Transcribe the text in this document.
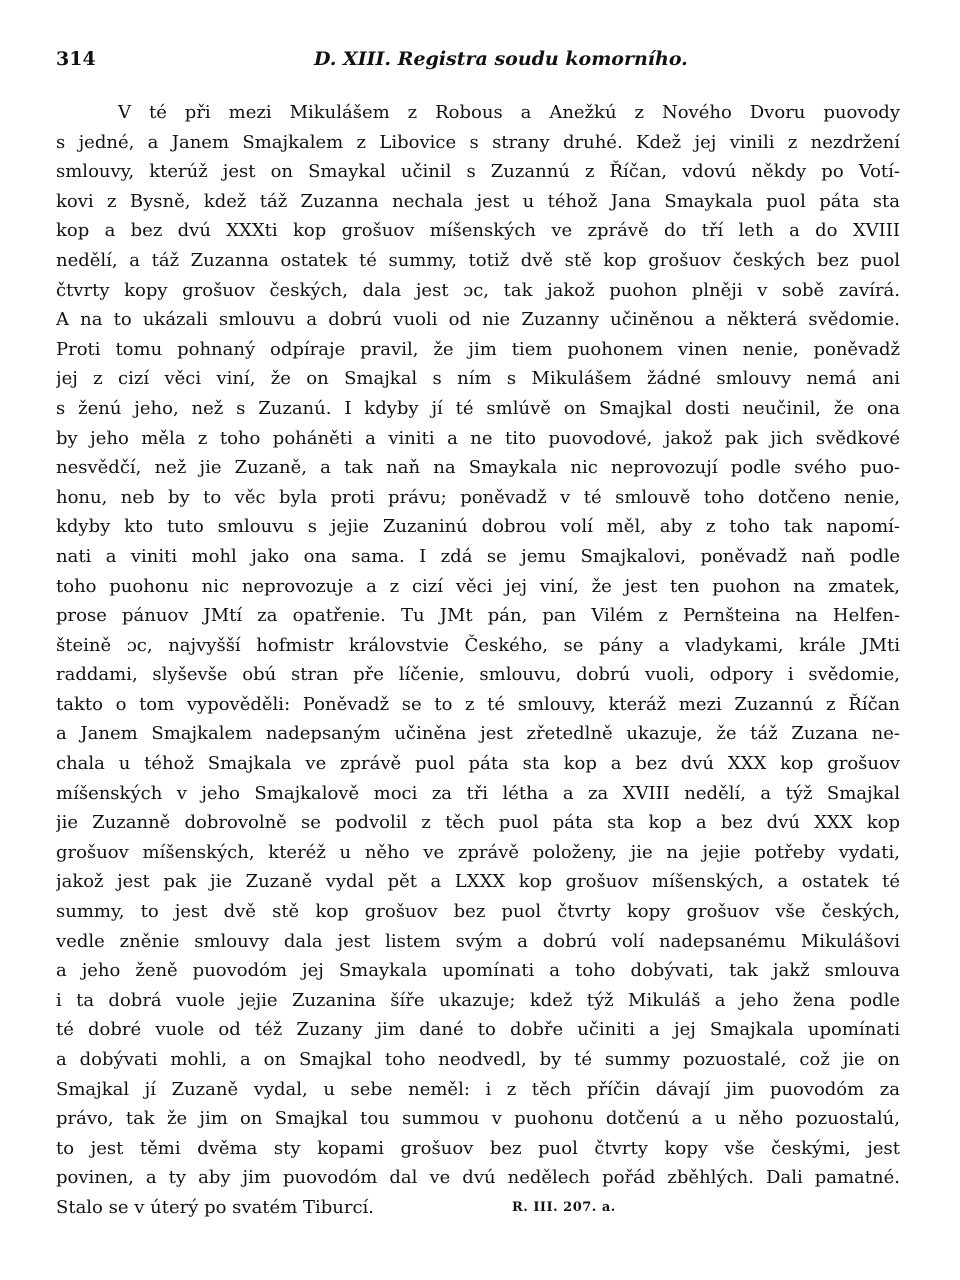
314	D. XIII. Registra soudu komorního.
V té při mezi Mikulášem z Robous a Anežkú z Nového Dvoru puovody
s jedné, a Janem Smajkalem z Libovice s strany druhé. Kdež jej vinili z nezdržení
smlouvy, kterúž jest on Smaykal učinil s Zuzannú z Říčan, vdovú někdy po Votí-
kovi z Bysně, kdež táž Zuzanna nechala jest u téhož Jana Smaykala puol páta sta
kop a bez dvú XXXti kop grošuov míšenských ve zprávě do tří leth a do XVIII
nedělí, a táž Zuzanna ostatek té summy, totiž dvě stě kop grošuov českých bez puol
čtvrty kopy grošuov českých, dala jest ɔc, tak jakož puohon plněji v sobě zavírá.
A na to ukázali smlouvu a dobrú vuoli od nie Zuzanny učiněnou a některá svědomie.
Proti tomu pohnaný odpíraje pravil, že jim tiem puohonem vinen nenie, poněvadž
jej z cizí věci viní, že on Smajkal s ním s Mikulášem žádné smlouvy nemá ani
s ženú jeho, než s Zuzanú. I kdyby jí té smlúvě on Smajkal dosti neučinil, že ona
by jeho měla z toho poháněti a viniti a ne tito puovodové, jakož pak jich svědkové
nesvědčí, než jie Zuzaně, a tak naň na Smaykala nic neprovozují podle svého puo-
honu, neb by to věc byla proti právu; poněvadž v té smlouvě toho dotčeno nenie,
kdyby kto tuto smlouvu s jejie Zuzaninú dobrou volí měl, aby z toho tak napomí-
nati a viniti mohl jako ona sama. I zdá se jemu Smajkalovi, poněvadž naň podle
toho puohonu nic neprovozuje a z cizí věci jej viní, že jest ten puohon na zmatek,
prose pánuov JMtí za opatřenie. Tu JMt pán, pan Vilém z Pernšteina na Helfen-
šteině ɔc, najvyšší hofmistr královstvie Českého, se pány a vladykami, krále JMti
raddami, slyševše obú stran pře líčenie, smlouvu, dobrú vuoli, odpory i svědomie,
takto o tom vypověděli: Poněvadž se to z té smlouvy, kteráž mezi Zuzannú z Říčan
a Janem Smajkalem nadepsaným učiněna jest zřetedlně ukazuje, že táž Zuzana ne-
chala u téhož Smajkala ve zprávě puol páta sta kop a bez dvú XXX kop grošuov
míšenských v jeho Smajkalově moci za tři létha a za XVIII nedělí, a týž Smajkal
jie Zuzanně dobrovolně se podvolil z těch puol páta sta kop a bez dvú XXX kop
grošuov míšenských, kteréž u něho ve zprávě položeny, jie na jejie potřeby vydati,
jakož jest pak jie Zuzaně vydal pět a LXXX kop grošuov míšenských, a ostatek té
summy, to jest dvě stě kop grošuov bez puol čtvrty kopy grošuov vše českých,
vedle zněnie smlouvy dala jest listem svým a dobrú volí nadepsanému Mikulášovi
a jeho ženě puovodóm jej Smaykala upomínati a toho dobývati, tak jakž smlouva
i ta dobrá vuole jejie Zuzanina šíře ukazuje; kdež týž Mikuláš a jeho žena podle
té dobré vuole od též Zuzany jim dané to dobře učiniti a jej Smajkala upomínati
a dobývati mohli, a on Smajkal toho neodvedl, by té summy pozuostalé, což jie on
Smajkal jí Zuzaně vydal, u sebe neměl: i z těch příčin dávají jim puovodóm za
právo, tak že jim on Smajkal tou summou v puohonu dotčenú a u něho pozuostalú,
to jest těmi dvěma sty kopami grošuov bez puol čtvrty kopy vše českými, jest
povinen, a ty aby jim puovodóm dal ve dvú nedělech pořád zběhlých. Dali pamatné.
Stalo se v úterý po svatém Tiburcí.	R. III. 207. a.
